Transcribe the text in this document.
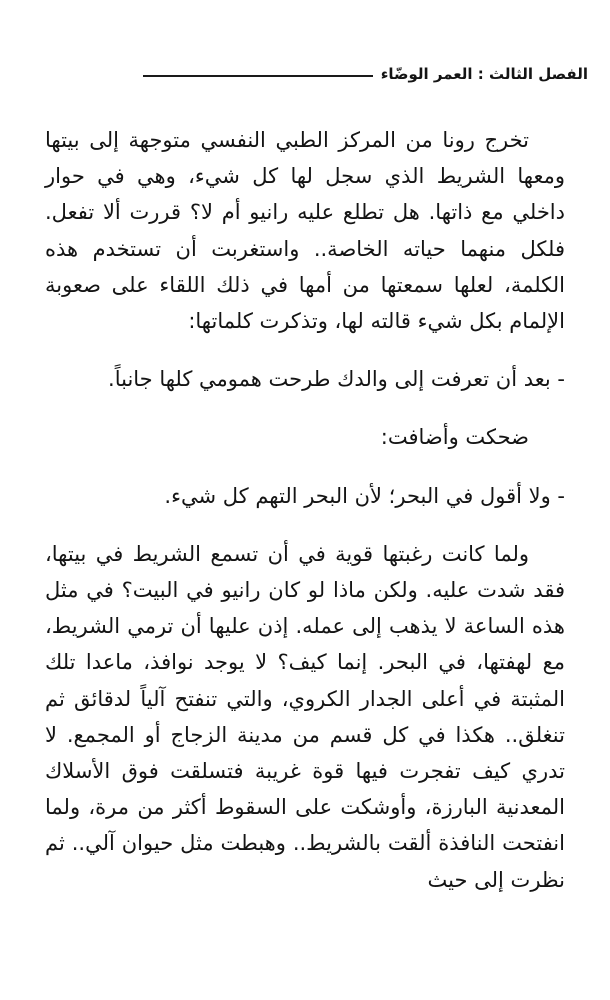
الفصل الثالث : العمر الوضّاء

تخرج رونا من المركز الطبي النفسي متوجهة إلى بيتها ومعها الشريط الذي سجل لها كل شيء، وهي في حوار داخلي مع ذاتها. هل تطلع عليه رانيو أم لا؟ قررت ألا تفعل. فلكل منهما حياته الخاصة.. واستغربت أن تستخدم هذه الكلمة، لعلها سمعتها من أمها في ذلك اللقاء على صعوبة الإلمام بكل شيء قالته لها، وتذكرت كلماتها:

- بعد أن تعرفت إلى والدك طرحت همومي كلها جانباً.

ضحكت وأضافت:

- ولا أقول في البحر؛ لأن البحر التهم كل شيء.

ولما كانت رغبتها قوية في أن تسمع الشريط في بيتها، فقد شدت عليه. ولكن ماذا لو كان رانيو في البيت؟ في مثل هذه الساعة لا يذهب إلى عمله. إذن عليها أن ترمي الشريط، مع لهفتها، في البحر. إنما كيف؟ لا يوجد نوافذ، ماعدا تلك المثبتة في أعلى الجدار الكروي، والتي تنفتح آلياً لدقائق ثم تنغلق.. هكذا في كل قسم من مدينة الزجاج أو المجمع. لا تدري كيف تفجرت فيها قوة غريبة فتسلقت فوق الأسلاك المعدنية البارزة، وأوشكت على السقوط أكثر من مرة، ولما انفتحت النافذة ألقت بالشريط.. وهبطت مثل حيوان آلي.. ثم نظرت إلى حيث
